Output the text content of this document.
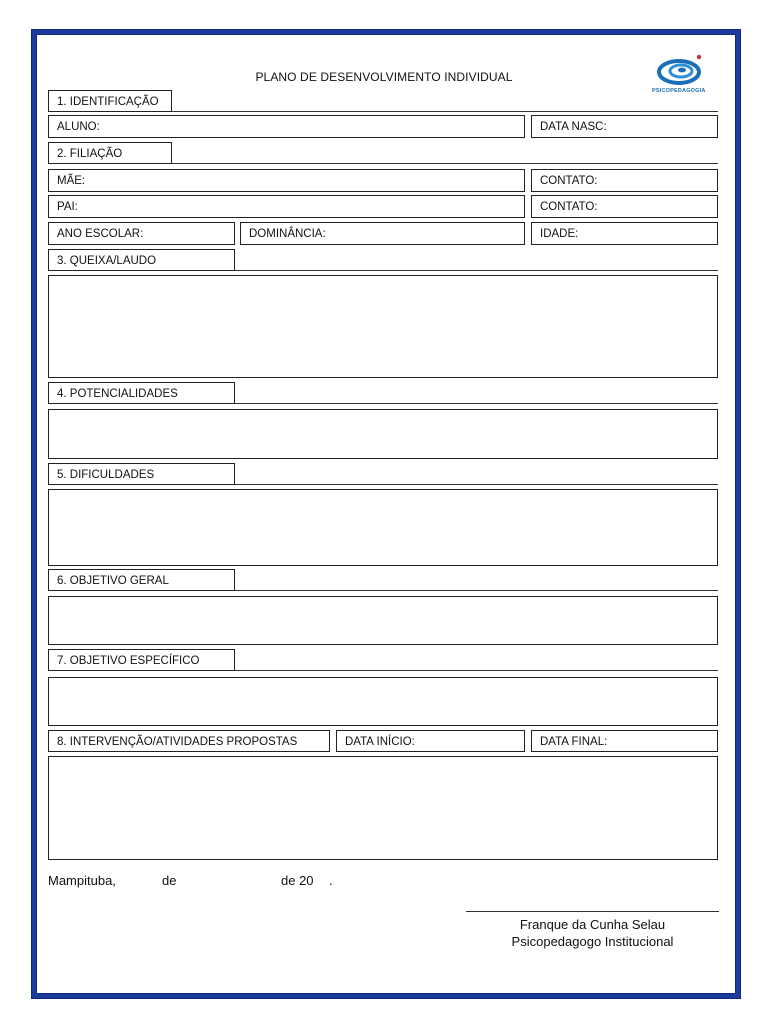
PLANO DE DESENVOLVIMENTO INDIVIDUAL
PSICOPEDAGOGIA
1. IDENTIFICAÇÃO
ALUNO:	DATA NASC:
2. FILIAÇÃO
MÃE:	CONTATO:
PAI:	CONTATO:
ANO ESCOLAR:	DOMINÂNCIA:	IDADE:
3. QUEIXA/LAUDO
4. POTENCIALIDADES
5. DIFICULDADES
6. OBJETIVO GERAL
7. OBJETIVO ESPECÍFICO
8. INTERVENÇÃO/ATIVIDADES PROPOSTAS	DATA INÍCIO:	DATA FINAL:
Mampituba,	de	de 20 .
Franque da Cunha Selau
Psicopedagogo Institucional
